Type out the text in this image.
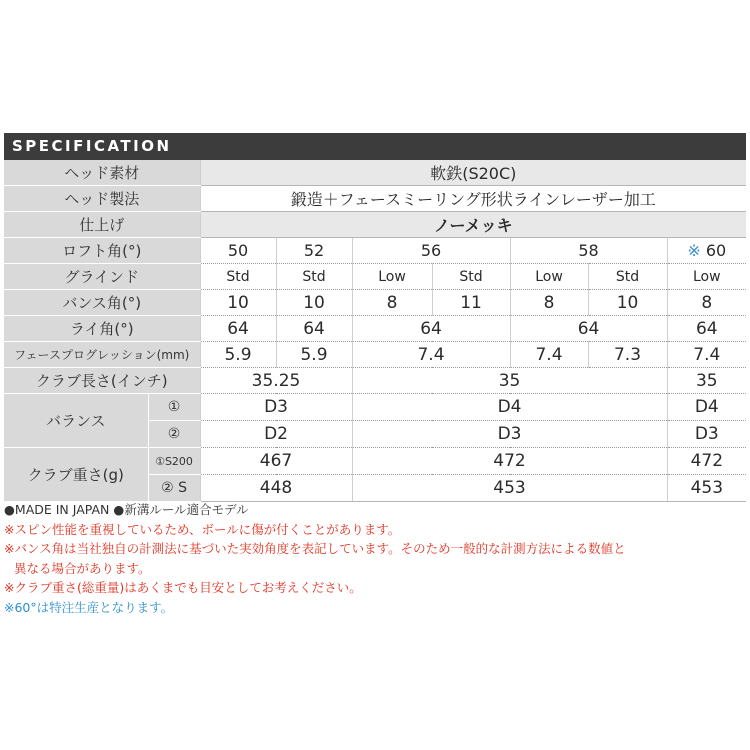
SPECIFICATION
ヘッド素材		軟鉄(S20C)						
ヘッド製法		鍛造＋フェースミーリング形状ラインレーザー加工						
仕上げ		ノーメッキ						
ロフト角(°)		50	52	56		58		※ 60
グラインド		Std	Std	Low	Std	Low	Std	Low
バンス角(°)		10	10	8	11	8	10	8
ライ角(°)		64	64	64		64		64
フェースプログレッション(mm)		5.9	5.9	7.4		7.4	7.3	7.4
クラブ長さ(インチ)		35.25		35				35
バランス	①	D3		D4				D4
	②	D2		D3				D3
クラブ重さ(g)	①S200	467		472				472
	② S	448		453				453
●MADE IN JAPAN ●新溝ルール適合モデル
※スピン性能を重視しているため、ボールに傷が付くことがあります。
※バンス角は当社独自の計測法に基づいた実効角度を表記しています。そのため一般的な計測方法による数値と
異なる場合があります。
※クラブ重さ(総重量)はあくまでも目安としてお考えください。
※60°は特注生産となります。
